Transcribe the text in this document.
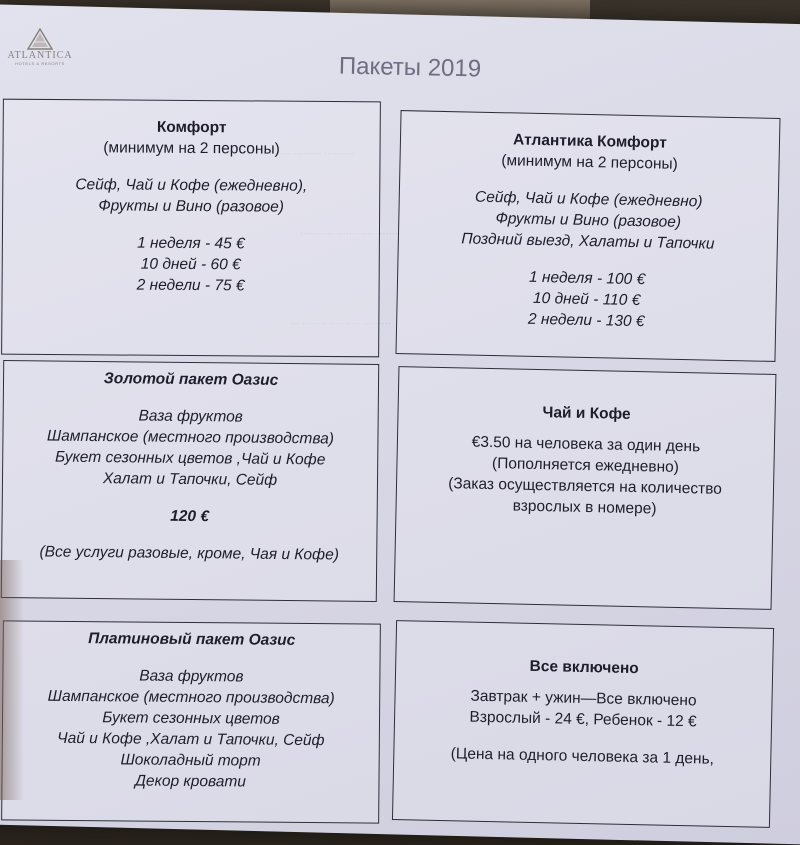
.......... ......... ..........
........ ............ ...........
......... .......... ........ ...
ATLANTICA
HOTELS & RESORTS	Пакеты 2019
Комфорт
(минимум на 2 персоны)
Сейф, Чай и Кофе (ежедневно),
Фрукты и Вино (разовое)
1 неделя - 45 €
10 дней - 60 €
2 недели - 75 €
Атлантика Комфорт
(минимум на 2 персоны)
Сейф, Чай и Кофе (ежедневно)
Фрукты и Вино (разовое)
Поздний выезд, Халаты и Тапочки
1 неделя - 100 €
10 дней - 110 €
2 недели - 130 €
Золотой пакет Оазис
Ваза фруктов
Шампанское (местного производства)
Букет сезонных цветов ,Чай и Кофе
Халат и Тапочки, Сейф
120 €
(Все услуги разовые, кроме, Чая и Кофе)
Чай и Кофе
€3.50 на человека за один день
(Пополняется ежедневно)
(Заказ осуществляется на количество
взрослых в номере)
Платиновый пакет Оазис
Ваза фруктов
Шампанское (местного производства)
Букет сезонных цветов
Чай и Кофе ,Халат и Тапочки, Сейф
Шоколадный торт
Декор кровати
Все включено
Завтрак + ужин—Все включено
Взрослый - 24 €, Ребенок - 12 €
(Цена на одного человека за 1 день,
